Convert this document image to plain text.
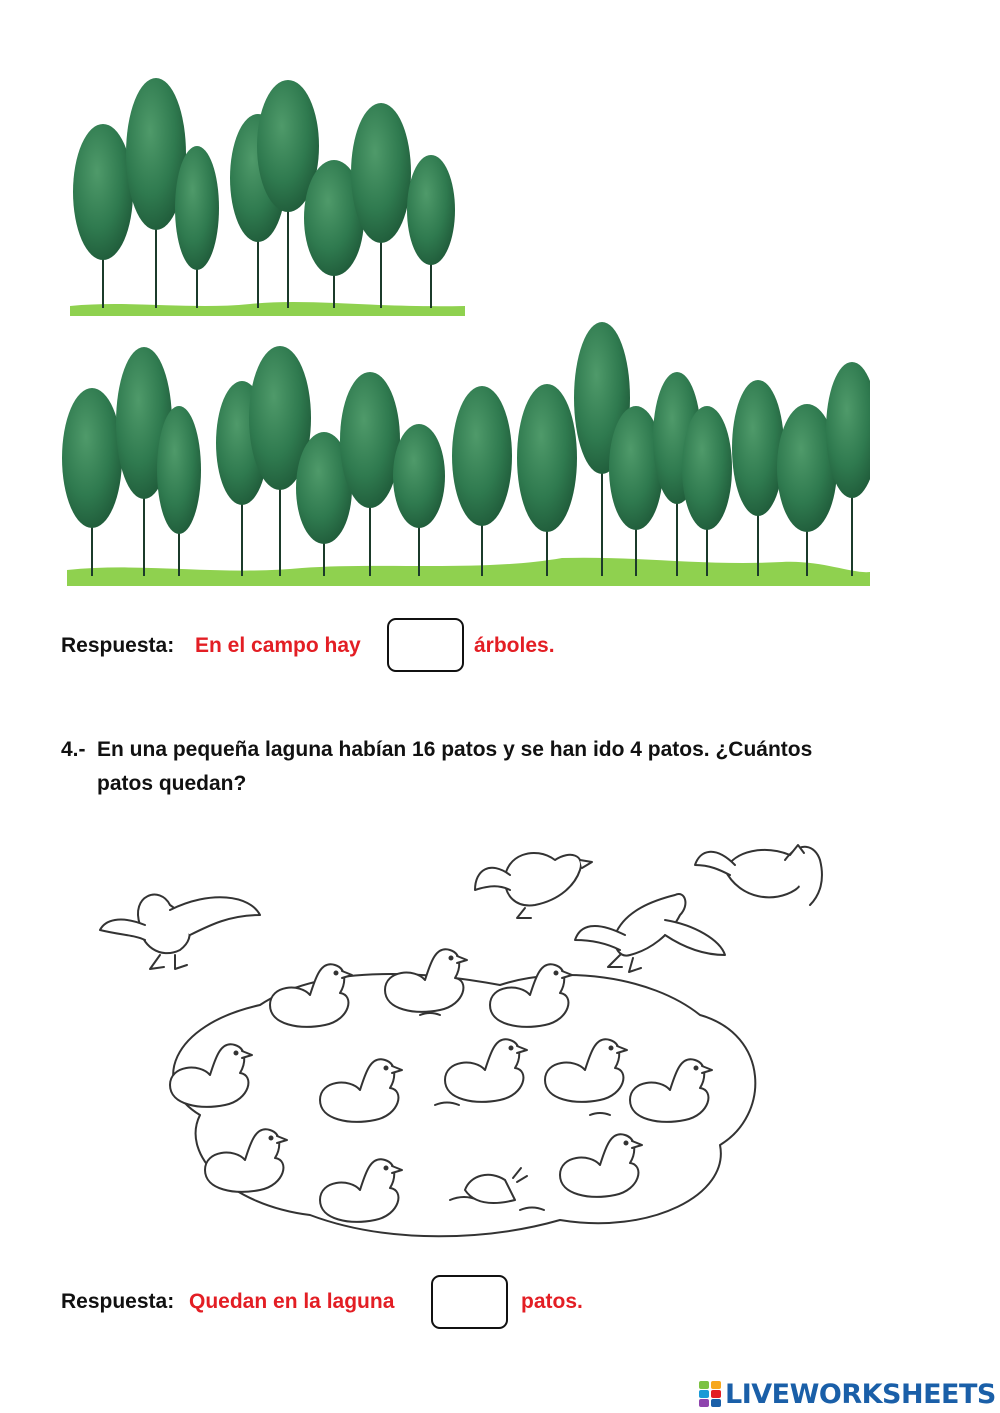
Respuesta: En el campo hay	árboles.
4.- En una pequeña laguna habían 16 patos y se han ido 4 patos. ¿Cuántos
patos quedan?
Respuesta: Quedan en la laguna	patos.
LIVEWORKSHEETS
